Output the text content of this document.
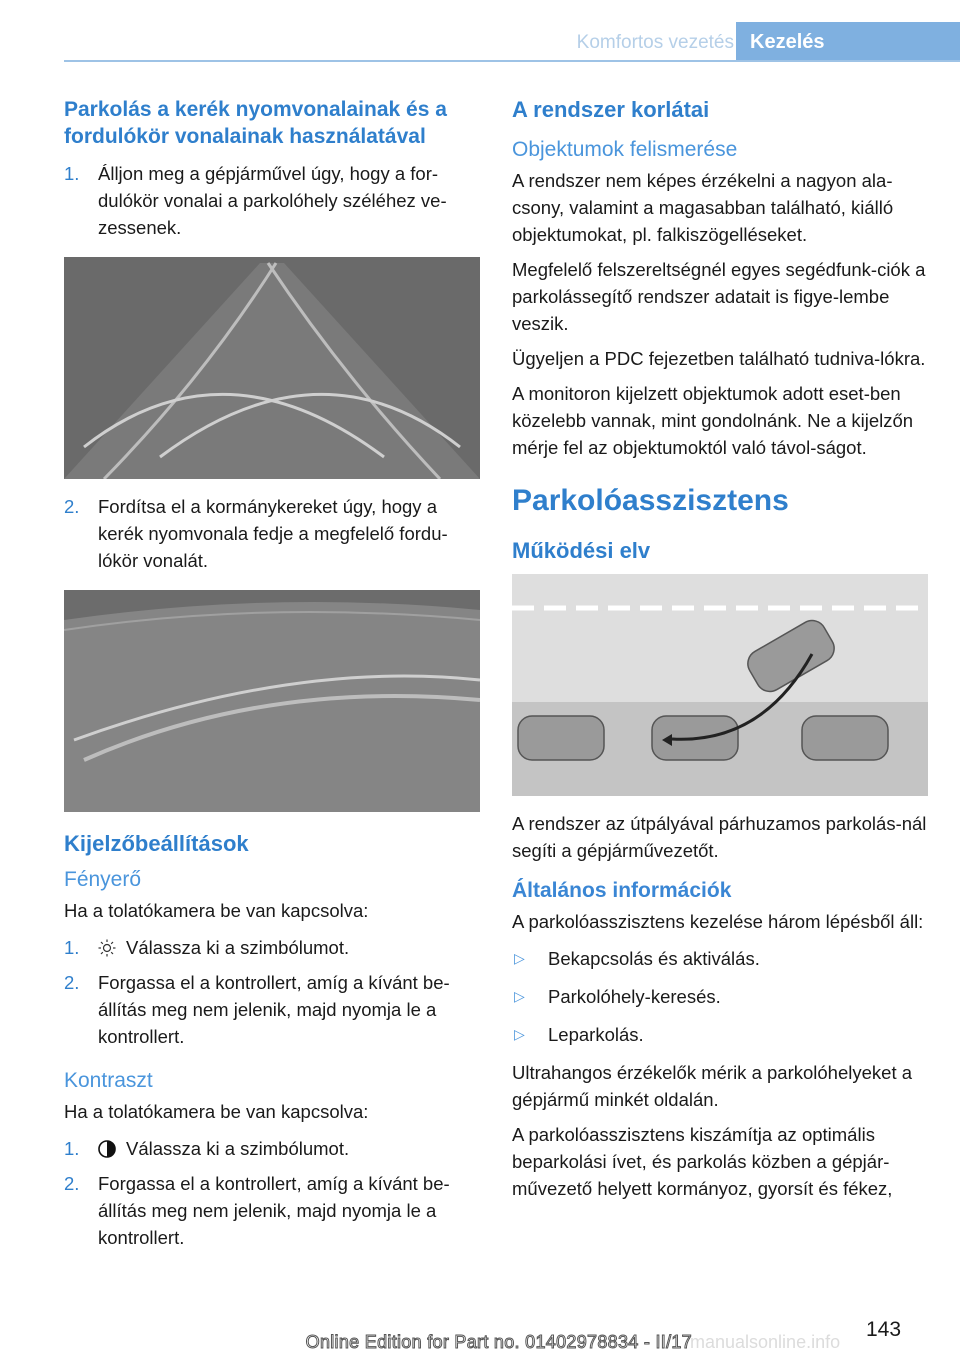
Komfortos vezetés Kezelés
Parkolás a kerék nyomvonalainak és a fordulókör vonalainak használatával
1.	Álljon meg a gépjárművel úgy, hogy a for‐dulókör vonalai a parkolóhely széléhez ve‐zessenek.
2.	Fordítsa el a kormánykereket úgy, hogy a kerék nyomvonala fedje a megfelelő fordu‐lókör vonalát.
Kijelzőbeállítások
Fényerő

Ha a tolatókamera be van kapcsolva:

1.	Válassza ki a szimbólumot.
2.	Forgassa el a kontrollert, amíg a kívánt be‐állítás meg nem jelenik, majd nyomja le a kontrollert.
Kontraszt

Ha a tolatókamera be van kapcsolva:

1.	Válassza ki a szimbólumot.
2.	Forgassa el a kontrollert, amíg a kívánt be‐állítás meg nem jelenik, majd nyomja le a kontrollert.
A rendszer korlátai
Objektumok felismerése

A rendszer nem képes érzékelni a nagyon ala‐csony, valamint a magasabban található, kiálló objektumokat, pl. falkiszögelléseket.

Megfelelő felszereltségnél egyes segédfunk‐ciók a parkolássegítő rendszer adatait is figye‐lembe veszik.

Ügyeljen a PDC fejezetben található tudniva‐lókra.

A monitoron kijelzett objektumok adott eset‐ben közelebb vannak, mint gondolnánk. Ne a kijelzőn mérje fel az objektumoktól való távol‐ságot.

Parkolóasszisztens
Működési elv

A rendszer az útpályával párhuzamos parkolás‐nál segíti a gépjárművezetőt.

Általános információk

A parkolóasszisztens kezelése három lépésből áll:

▷	Bekapcsolás és aktiválás.
▷	Parkolóhely-keresés.
▷	Leparkolás.

Ultrahangos érzékelők mérik a parkolóhelyeket a gépjármű minkét oldalán.

A parkolóasszisztens kiszámítja az optimális beparkolási ívet, és parkolás közben a gépjár‐művezető helyett kormányoz, gyorsít és fékez,

143
manualsonline.info
Online Edition for Part no. 01402978834 - II/17
